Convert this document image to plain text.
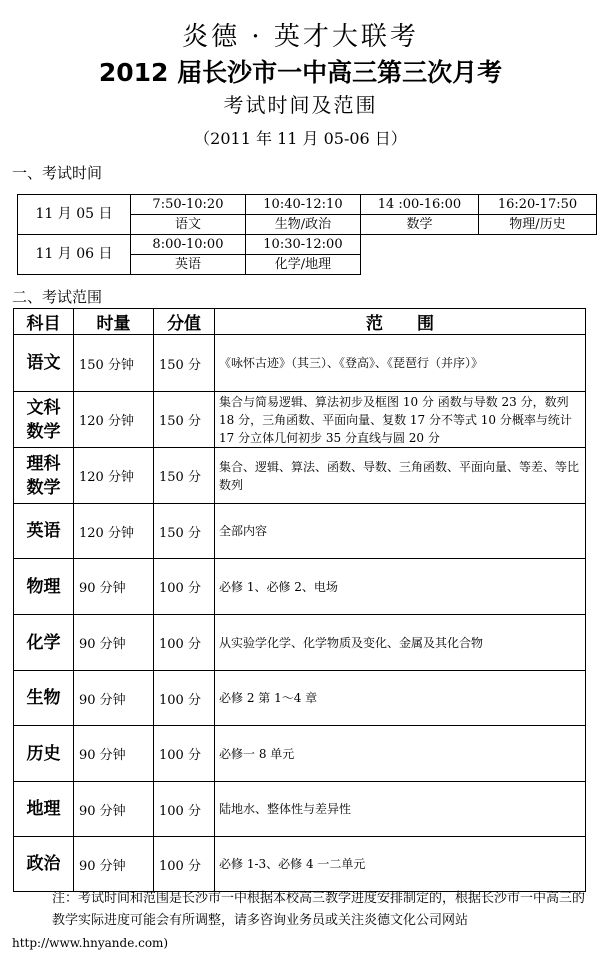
炎德 · 英才大联考
2012 届长沙市一中高三第三次月考
考试时间及范围
（2011 年 11 月 05-06 日）
一、考试时间
11 月 05 日	7:50-10:20	10:40-12:10	14 :00-16:00	16:20-17:50
	语文	生物/政治	数学	物理/历史
11 月 06 日	8:00-10:00	10:30-12:00		
	英语	化学/地理		
二、考试范围
科目	时量	分值	范　　围
语文	150 分钟	150 分	《咏怀古迹》（其三）、《登高》、《琵琶行（并序）》
文科
数学	120 分钟	150 分	集合与简易逻辑、算法初步及框图 10 分 函数与导数 23 分，数列 18 分，三角函数、平面向量、复数 17 分不等式 10 分概率与统计 17 分立体几何初步 35 分直线与圆 20 分
理科
数学	120 分钟	150 分	集合、逻辑、算法、函数、导数、三角函数、平面向量、等差、等比数列
英语	120 分钟	150 分	全部内容
物理	90 分钟	100 分	必修 1、必修 2、电场
化学	90 分钟	100 分	从实验学化学、化学物质及变化、金属及其化合物
生物	90 分钟	100 分	必修 2 第 1～4 章
历史	90 分钟	100 分	必修一 8 单元
地理	90 分钟	100 分	陆地水、整体性与差异性
政治	90 分钟	100 分	必修 1-3、必修 4 一二单元
注：考试时间和范围是长沙市一中根据本校高三教学进度安排制定的，根据长沙市一中高三的教学实际进度可能会有所调整，请多咨询业务员或关注炎德文化公司网站
http://www.hnyande.com)
